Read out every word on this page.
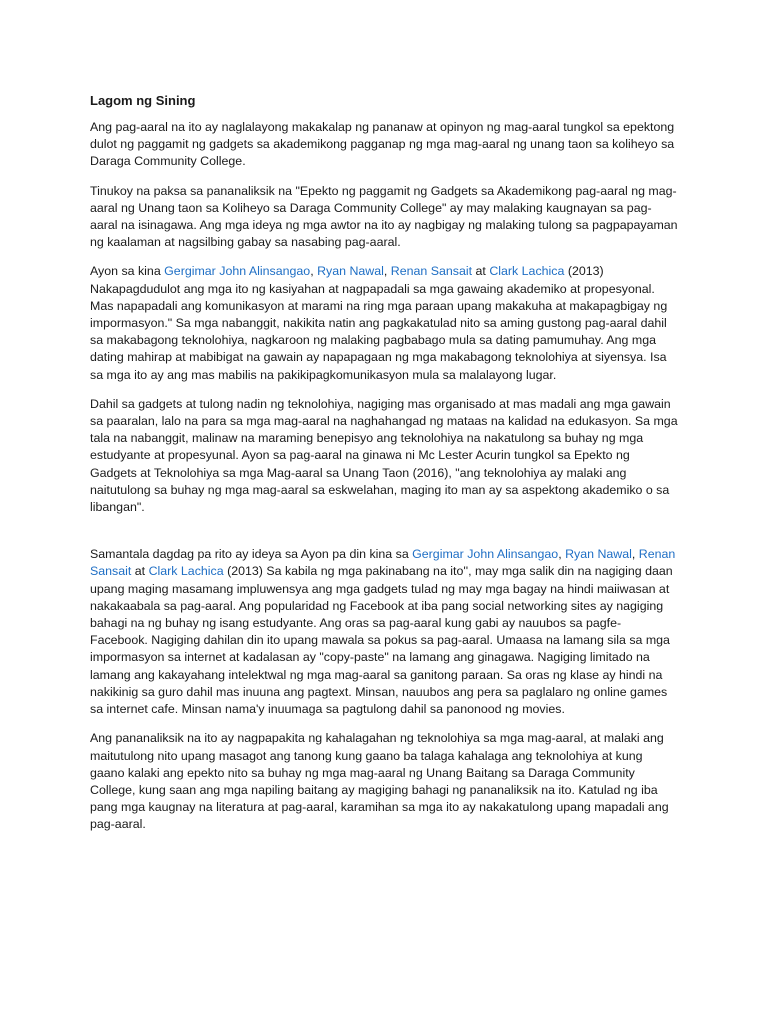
Lagom ng Sining

Ang pag-aaral na ito ay naglalayong makakalap ng pananaw at opinyon ng mag-aaral tungkol sa epektong dulot ng paggamit ng gadgets sa akademikong pagganap ng mga mag-aaral ng unang taon sa koliheyo sa Daraga Community College.

Tinukoy na paksa sa pananaliksik na "Epekto ng paggamit ng Gadgets sa Akademikong pag-aaral ng mag-aaral ng Unang taon sa Koliheyo sa Daraga Community College" ay may malaking kaugnayan sa pag-aaral na isinagawa. Ang mga ideya ng mga awtor na ito ay nagbigay ng malaking tulong sa pagpapayaman ng kaalaman at nagsilbing gabay sa nasabing pag-aaral.

Ayon sa kina Gergimar John Alinsangao, Ryan Nawal, Renan Sansait at Clark Lachica (2013) Nakapagdudulot ang mga ito ng kasiyahan at nagpapadali sa mga gawaing akademiko at propesyonal. Mas napapadali ang komunikasyon at marami na ring mga paraan upang makakuha at makapagbigay ng impormasyon." Sa mga nabanggit, nakikita natin ang pagkakatulad nito sa aming gustong pag-aaral dahil sa makabagong teknolohiya, nagkaroon ng malaking pagbabago mula sa dating pamumuhay. Ang mga dating mahirap at mabibigat na gawain ay napapagaan ng mga makabagong teknolohiya at siyensya. Isa sa mga ito ay ang mas mabilis na pakikipagkomunikasyon mula sa malalayong lugar.

Dahil sa gadgets at tulong nadin ng teknolohiya, nagiging mas organisado at mas madali ang mga gawain sa paaralan, lalo na para sa mga mag-aaral na naghahangad ng mataas na kalidad na edukasyon. Sa mga tala na nabanggit, malinaw na maraming benepisyo ang teknolohiya na nakatulong sa buhay ng mga estudyante at propesyunal. Ayon sa pag-aaral na ginawa ni Mc Lester Acurin tungkol sa Epekto ng Gadgets at Teknolohiya sa mga Mag-aaral sa Unang Taon (2016), "ang teknolohiya ay malaki ang naitutulong sa buhay ng mga mag-aaral sa eskwelahan, maging ito man ay sa aspektong akademiko o sa libangan".

Samantala dagdag pa rito ay ideya sa Ayon pa din kina sa Gergimar John Alinsangao, Ryan Nawal, Renan Sansait at Clark Lachica (2013) Sa kabila ng mga pakinabang na ito'', may mga salik din na nagiging daan upang maging masamang impluwensya ang mga gadgets tulad ng may mga bagay na hindi maiiwasan at nakakaabala sa pag-aaral. Ang popularidad ng Facebook at iba pang social networking sites ay nagiging bahagi na ng buhay ng isang estudyante. Ang oras sa pag-aaral kung gabi ay nauubos sa pagfe-Facebook. Nagiging dahilan din ito upang mawala sa pokus sa pag-aaral. Umaasa na lamang sila sa mga impormasyon sa internet at kadalasan ay "copy-paste" na lamang ang ginagawa. Nagiging limitado na lamang ang kakayahang intelektwal ng mga mag-aaral sa ganitong paraan. Sa oras ng klase ay hindi na nakikinig sa guro dahil mas inuuna ang pagtext. Minsan, nauubos ang pera sa paglalaro ng online games sa internet cafe. Minsan nama'y inuumaga sa pagtulong dahil sa panonood ng movies.

Ang pananaliksik na ito ay nagpapakita ng kahalagahan ng teknolohiya sa mga mag-aaral, at malaki ang maitutulong nito upang masagot ang tanong kung gaano ba talaga kahalaga ang teknolohiya at kung gaano kalaki ang epekto nito sa buhay ng mga mag-aaral ng Unang Baitang sa Daraga Community College, kung saan ang mga napiling baitang ay magiging bahagi ng pananaliksik na ito. Katulad ng iba pang mga kaugnay na literatura at pag-aaral, karamihan sa mga ito ay nakakatulong upang mapadali ang pag-aaral.
